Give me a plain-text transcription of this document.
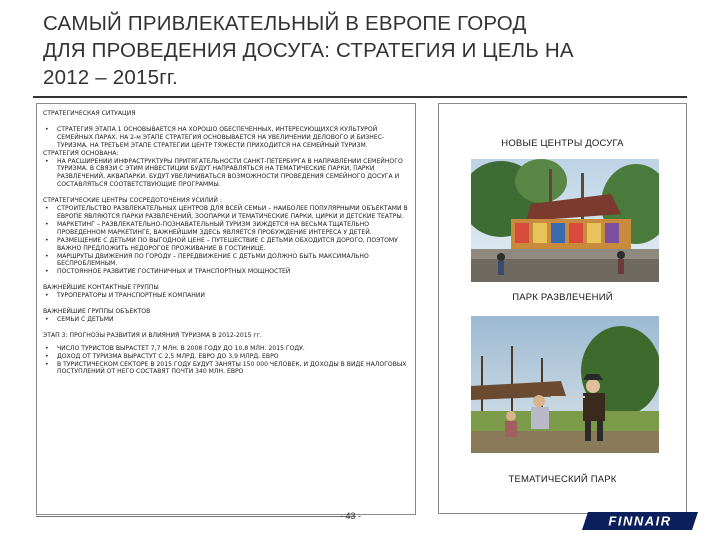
САМЫЙ ПРИВЛЕКАТЕЛЬНЫЙ В ЕВРОПЕ ГОРОД
ДЛЯ ПРОВЕДЕНИЯ ДОСУГА: СТРАТЕГИЯ И ЦЕЛЬ НА
2012 – 2015гг.
СТРАТЕГИЧЕСКАЯ СИТУАЦИЯ
• СТРАТЕГИЯ ЭТАПА 1 ОСНОВЫВАЕТСЯ НА ХОРОШО ОБЕСПЕЧЕННЫХ, ИНТЕРЕСУЮЩИХСЯ КУЛЬТУРОЙ СЕМЕЙНЫХ ПАРАХ. НА 2-м ЭТАПЕ СТРАТЕГИЯ ОСНОВЫВАЕТСЯ НА УВЕЛИЧЕНИИ ДЕЛОВОГО И БИЗНЕС-ТУРИЗМА. НА ТРЕТЬЕМ ЭТАПЕ СТРАТЕГИИ ЦЕНТР ТЯЖЕСТИ ПРИХОДИТСЯ НА СЕМЕЙНЫЙ ТУРИЗМ.
СТРАТЕГИЯ ОСНОВАНА:
• НА РАСШИРЕНИИ ИНФРАСТРУКТУРЫ ПРИТЯГАТЕЛЬНОСТИ САНКТ-ПЕТЕРБУРГА В НАПРАВЛЕНИИ СЕМЕЙНОГО ТУРИЗМА. В СВЯЗИ С ЭТИМ ИНВЕСТИЦИИ БУДУТ НАПРАВЛЯТЬСЯ НА ТЕМАТИЧЕСКИЕ ПАРКИ, ПАРКИ РАЗВЛЕЧЕНИЙ, АКВАПАРКИ. БУДУТ УВЕЛИЧИВАТЬСЯ ВОЗМОЖНОСТИ ПРОВЕДЕНИЯ СЕМЕЙНОГО ДОСУГА И СОСТАВЛЯТЬСЯ СООТВЕТСТВУЮЩИЕ ПРОГРАММЫ.
СТРАТЕГИЧЕСКИЕ ЦЕНТРЫ СОСРЕДОТОЧЕНИЯ УСИЛИЙ :
• СТРОИТЕЛЬСТВО РАЗВЛЕКАТЕЛЬНЫХ ЦЕНТРОВ ДЛЯ ВСЕЙ СЕМЬИ – НАИБОЛЕЕ ПОПУЛЯРНЫМИ ОБЪЕКТАМИ В ЕВРОПЕ ЯВЛЯЮТСЯ ПАРКИ РАЗВЛЕЧЕНИЙ, ЗООПАРКИ И ТЕМАТИЧЕСКИЕ ПАРКИ, ЦИРКИ И ДЕТСКИЕ ТЕАТРЫ.
• МАРКЕТИНГ – РАЗВЛЕКАТЕЛЬНО-ПОЗНАВАТЕЛЬНЫЙ ТУРИЗМ ЗИЖДЕТСЯ НА ВЕСЬМА ТЩАТЕЛЬНО ПРОВЕДЕННОМ МАРКЕТИНГЕ, ВАЖНЕЙШИМ ЗДЕСЬ ЯВЛЯЕТСЯ ПРОБУЖДЕНИЕ ИНТЕРЕСА У ДЕТЕЙ.
• РАЗМЕЩЕНИЕ С ДЕТЬМИ ПО ВЫГОДНОЙ ЦЕНЕ – ПУТЕШЕСТВИЕ С ДЕТЬМИ ОБХОДИТСЯ ДОРОГО, ПОЭТОМУ ВАЖНО ПРЕДЛОЖИТЬ НЕДОРОГОЕ ПРОЖИВАНИЕ В ГОСТИНИЦЕ.
• МАРШРУТЫ ДВИЖЕНИЯ ПО ГОРОДУ – ПЕРЕДВИЖЕНИЕ С ДЕТЬМИ ДОЛЖНО БЫТЬ МАКСИМАЛЬНО БЕСПРОБЛЕМНЫМ.
• ПОСТОЯННОЕ РАЗВИТИЕ ГОСТИНИЧНЫХ И ТРАНСПОРТНЫХ МОЩНОСТЕЙ
ВАЖНЕЙШИЕ КОНТАКТНЫЕ ГРУППЫ
• ТУРОПЕРАТОРЫ И ТРАНСПОРТНЫЕ КОМПАНИИ
ВАЖНЕЙШИЕ ГРУППЫ ОБЪЕКТОВ
• СЕМЬИ С ДЕТЬМИ
ЭТАП 3: ПРОГНОЗЫ РАЗВИТИЯ И ВЛИЯНИЯ ТУРИЗМА В 2012-2015 гг.
• ЧИСЛО ТУРИСТОВ ВЫРАСТЕТ 7,7 МЛН. В 2008 ГОДУ ДО 10,8 МЛН. 2015 ГОДУ.
• ДОХОД ОТ ТУРИЗМА ВЫРАСТУТ С 2,5 МЛРД. ЕВРО ДО 3,9 МЛРД. ЕВРО
• В ТУРИСТИЧЕСКОМ СЕКТОРЕ В 2015 ГОДУ БУДУТ ЗАНЯТЫ 150 000 ЧЕЛОВЕК, И ДОХОДЫ В ВИДЕ НАЛОГОВЫХ ПОСТУПЛЕНИЙ ОТ НЕГО СОСТАВЯТ ПОЧТИ 340 МЛН. ЕВРО
НОВЫЕ ЦЕНТРЫ ДОСУГА
ПАРК РАЗВЛЕЧЕНИЙ
ТЕМАТИЧЕСКИЙ ПАРК
- 43 -	FINNAIR
